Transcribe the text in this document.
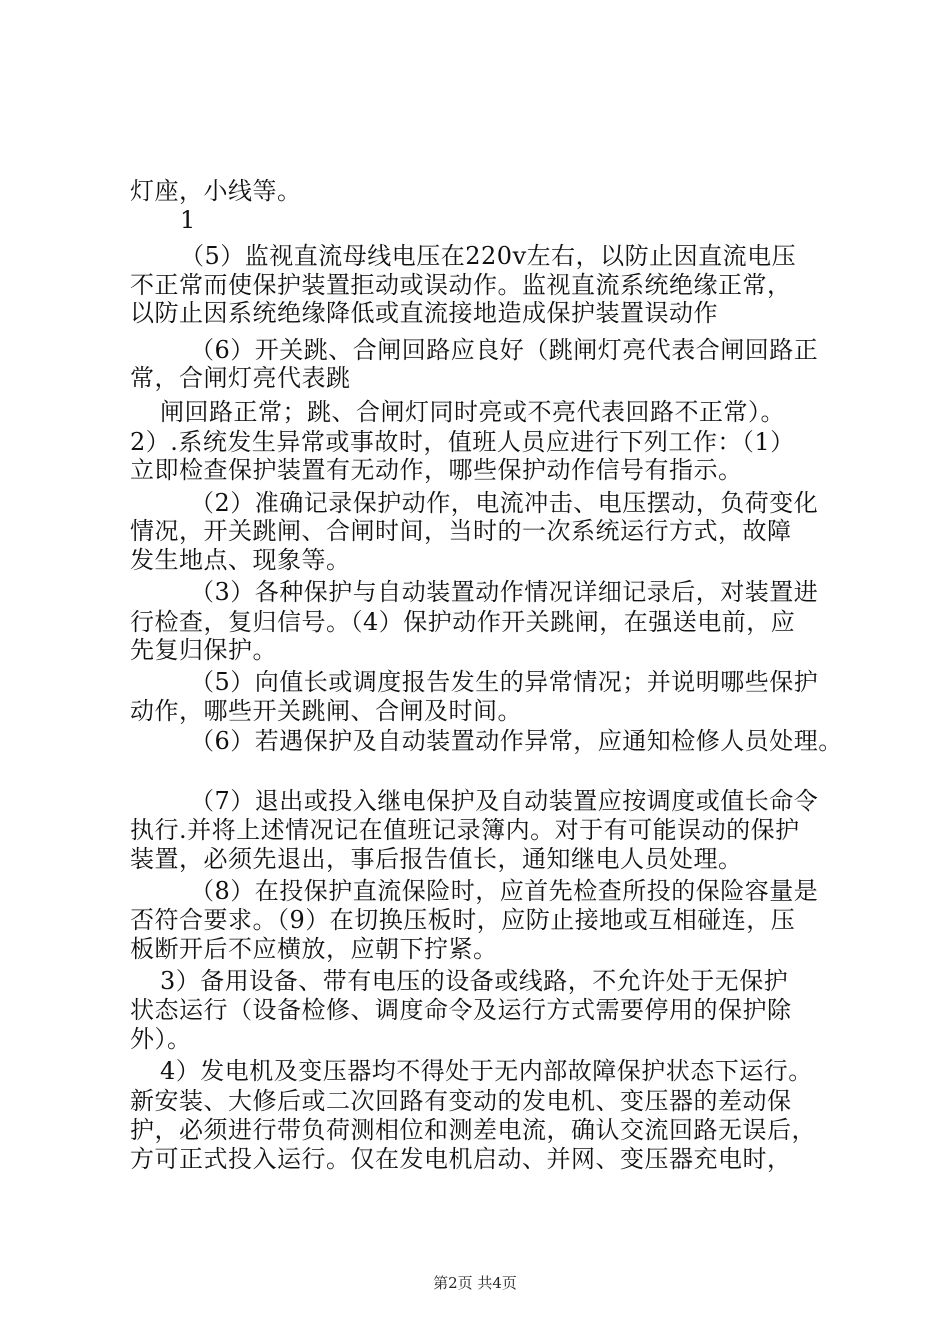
灯座，小线等。
1
（5）监视直流母线电压在220v左右，以防止因直流电压
不正常而使保护装置拒动或误动作。监视直流系统绝缘正常，
以防止因系统绝缘降低或直流接地造成保护装置误动作
（6）开关跳、合闸回路应良好（跳闸灯亮代表合闸回路正
常，合闸灯亮代表跳
闸回路正常；跳、合闸灯同时亮或不亮代表回路不正常）。
2）.系统发生异常或事故时，值班人员应进行下列工作：（1）
立即检查保护装置有无动作，哪些保护动作信号有指示。
（2）准确记录保护动作，电流冲击、电压摆动，负荷变化
情况，开关跳闸、合闸时间，当时的一次系统运行方式，故障
发生地点、现象等。
（3）各种保护与自动装置动作情况详细记录后，对装置进
行检查，复归信号。（4）保护动作开关跳闸，在强送电前，应
先复归保护。
（5）向值长或调度报告发生的异常情况；并说明哪些保护
动作，哪些开关跳闸、合闸及时间。
（6）若遇保护及自动装置动作异常，应通知检修人员处理。
（7）退出或投入继电保护及自动装置应按调度或值长命令
执行.并将上述情况记在值班记录簿内。对于有可能误动的保护
装置，必须先退出，事后报告值长，通知继电人员处理。
（8）在投保护直流保险时，应首先检查所投的保险容量是
否符合要求。（9）在切换压板时，应防止接地或互相碰连，压
板断开后不应横放，应朝下拧紧。
3）备用设备、带有电压的设备或线路，不允许处于无保护
状态运行（设备检修、调度命令及运行方式需要停用的保护除
外）。
4）发电机及变压器均不得处于无内部故障保护状态下运行。
新安装、大修后或二次回路有变动的发电机、变压器的差动保
护，必须进行带负荷测相位和测差电流，确认交流回路无误后，
方可正式投入运行。仅在发电机启动、并网、变压器充电时，
第2页 共4页
